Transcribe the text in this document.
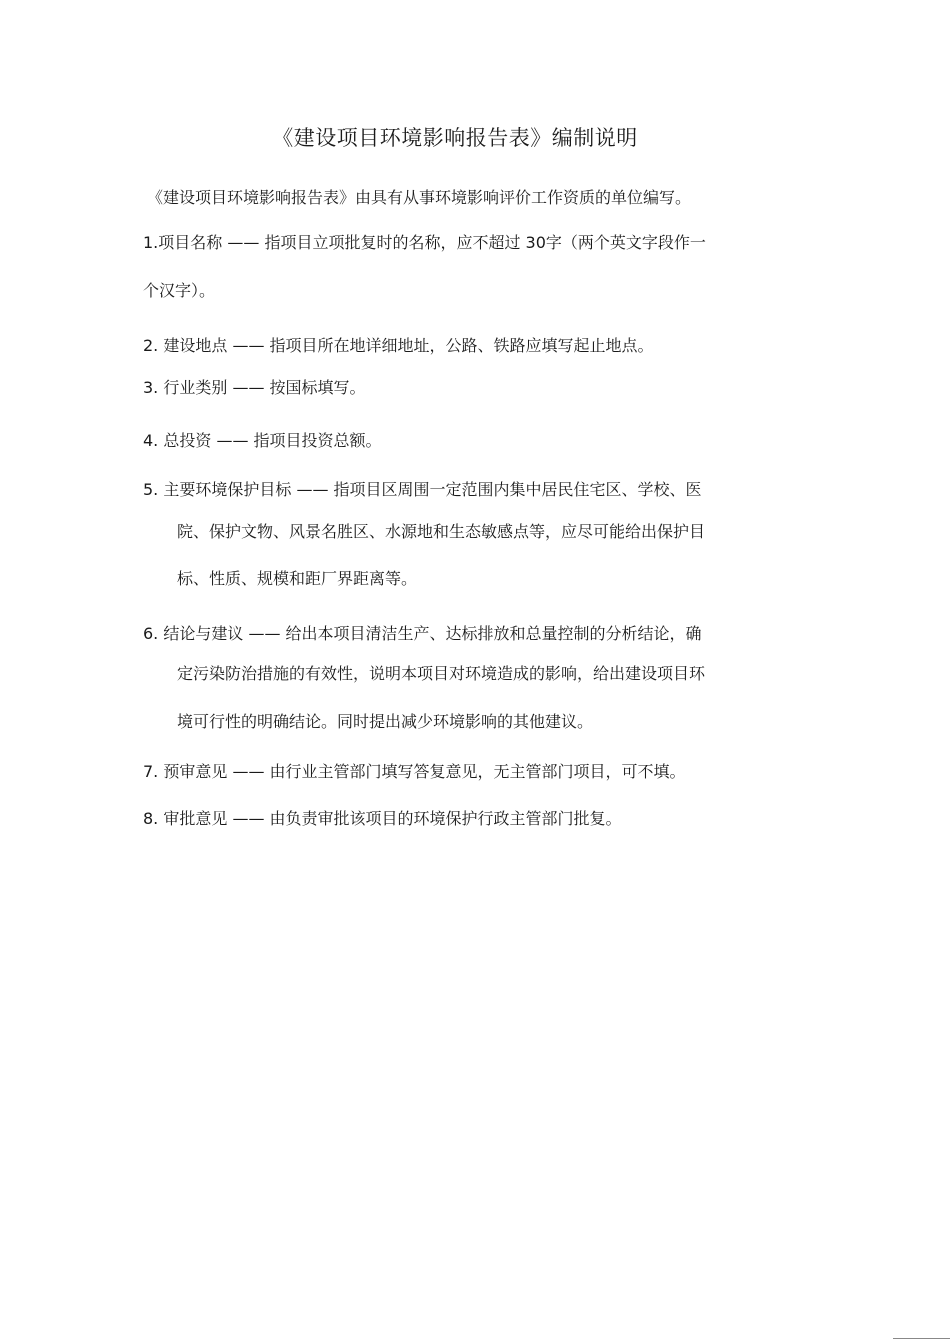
《建设项目环境影响报告表》编制说明
《建设项目环境影响报告表》由具有从事环境影响评价工作资质的单位编写。
1.项目名称 —— 指项目立项批复时的名称，应不超过 30字（两个英文字段作一
个汉字）。
2. 建设地点 —— 指项目所在地详细地址，公路、铁路应填写起止地点。
3. 行业类别 —— 按国标填写。
4. 总投资 —— 指项目投资总额。
5. 主要环境保护目标 —— 指项目区周围一定范围内集中居民住宅区、学校、医
院、保护文物、风景名胜区、水源地和生态敏感点等，应尽可能给出保护目
标、性质、规模和距厂界距离等。
6. 结论与建议 —— 给出本项目清洁生产、达标排放和总量控制的分析结论，确
定污染防治措施的有效性，说明本项目对环境造成的影响，给出建设项目环
境可行性的明确结论。同时提出减少环境影响的其他建议。
7. 预审意见 —— 由行业主管部门填写答复意见，无主管部门项目，可不填。
8. 审批意见 —— 由负责审批该项目的环境保护行政主管部门批复。
